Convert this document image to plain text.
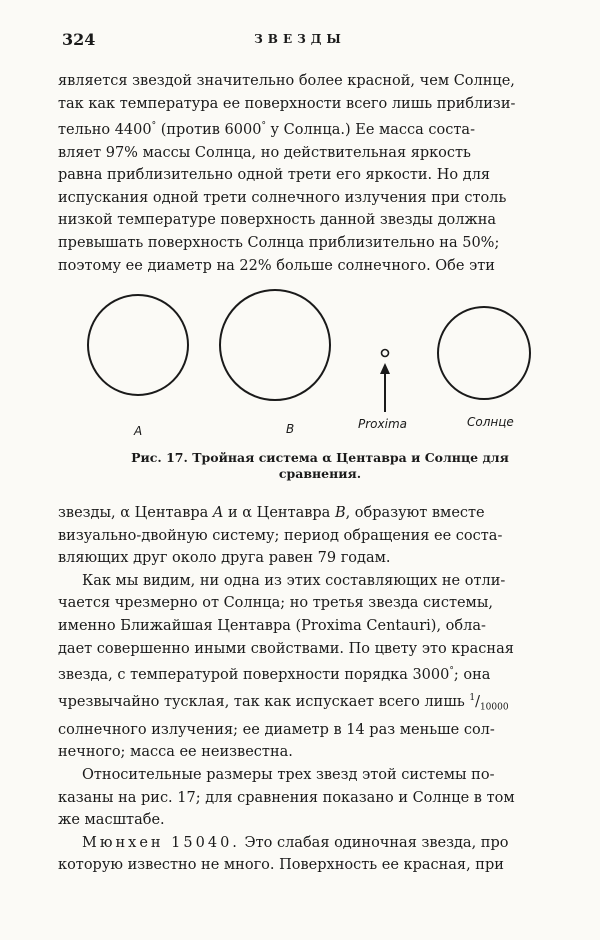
324	ЗВЕЗДЫ
является звездой значительно более красной, чем Солнце,
так как температура ее поверхности всего лишь приблизи-
тельно 4400° (против 6000° у Солнца.) Ее масса соста-
вляет 97% массы Солнца, но действительная яркость
равна приблизительно одной трети его яркости. Но для
испускания одной трети солнечного излучения при столь
низкой температуре поверхность данной звезды должна
превышать поверхность Солнца приблизительно на 50%;
поэтому ее диаметр на 22% больше солнечного. Обе эти
A	B	Proxima	Солнце
Рис. 17. Тройная система α Центавра и Солнце для сравнения.
звезды, α Центавра A и α Центавра B, образуют вместе
визуально-двойную систему; период обращения ее соста-
вляющих друг около друга равен 79 годам.
Как мы видим, ни одна из этих составляющих не отли-
чается чрезмерно от Солнца; но третья звезда системы,
именно Ближайшая Центавра (Proxima Centauri), обла-
дает совершенно иными свойствами. По цвету это красная
звезда, с температурой поверхности порядка 3000°; она
чрезвычайно тусклая, так как испускает всего лишь $^1/_{10000}$
солнечного излучения; ее диаметр в 14 раз меньше сол-
нечного; масса ее неизвестна.
Относительные размеры трех звезд этой системы по-
казаны на рис. 17; для сравнения показано и Солнце в том
же масштабе.
Мюнхен 15040. Это слабая одиночная звезда, про
которую известно не много. Поверхность ее красная, при
